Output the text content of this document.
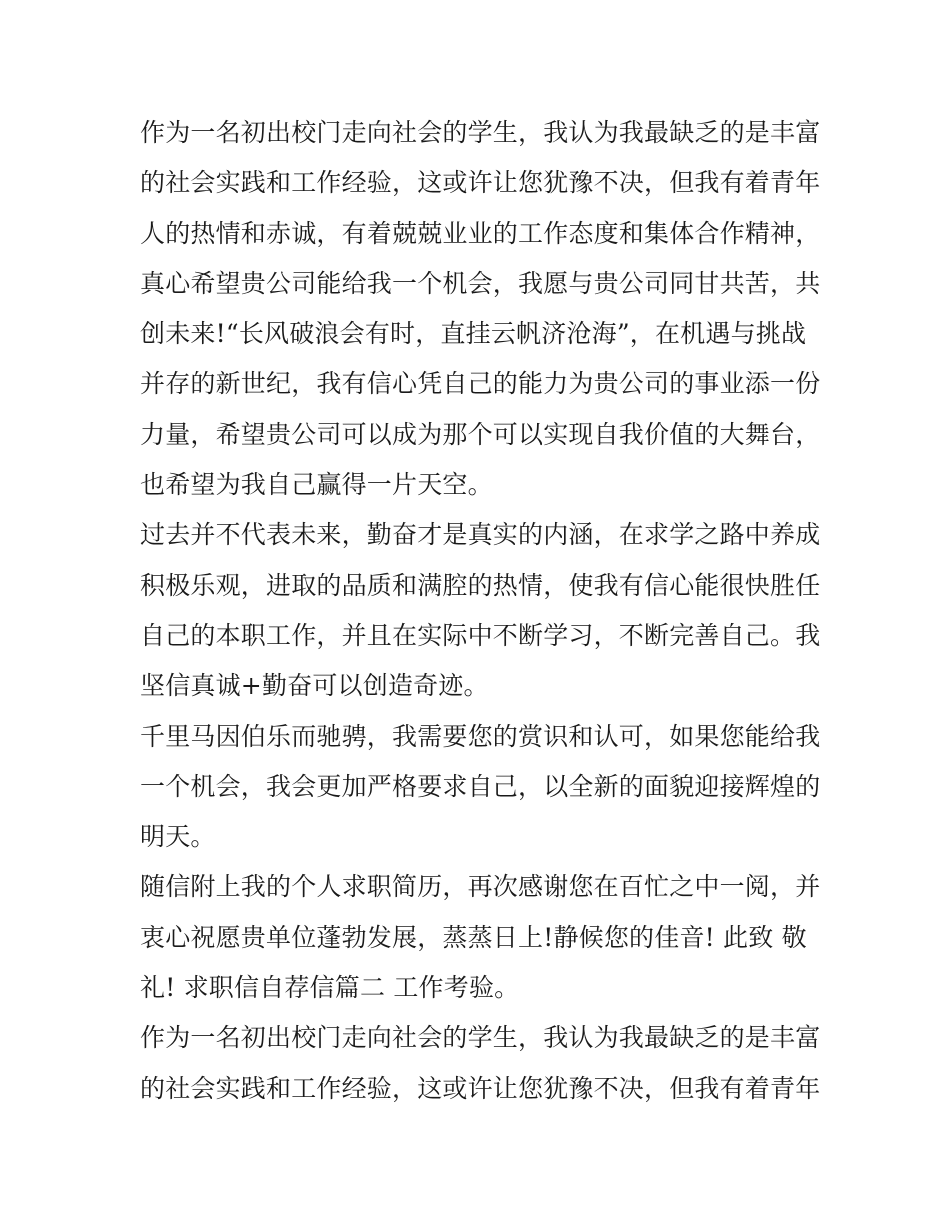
作为一名初出校门走向社会的学生，我认为我最缺乏的是丰富
的社会实践和工作经验，这或许让您犹豫不决，但我有着青年
人的热情和赤诚，有着兢兢业业的工作态度和集体合作精神，
真心希望贵公司能给我一个机会，我愿与贵公司同甘共苦，共
创未来!“长风破浪会有时，直挂云帆济沧海”，在机遇与挑战
并存的新世纪，我有信心凭自己的能力为贵公司的事业添一份
力量，希望贵公司可以成为那个可以实现自我价值的大舞台，
也希望为我自己赢得一片天空。
过去并不代表未来，勤奋才是真实的内涵，在求学之路中养成
积极乐观，进取的品质和满腔的热情，使我有信心能很快胜任
自己的本职工作，并且在实际中不断学习，不断完善自己。我
坚信真诚+勤奋可以创造奇迹。
千里马因伯乐而驰骋，我需要您的赏识和认可，如果您能给我
一个机会，我会更加严格要求自己，以全新的面貌迎接辉煌的
明天。
随信附上我的个人求职简历，再次感谢您在百忙之中一阅，并
衷心祝愿贵单位蓬勃发展，蒸蒸日上!静候您的佳音! 此致 敬
礼! 求职信自荐信篇二 工作考验。
作为一名初出校门走向社会的学生，我认为我最缺乏的是丰富
的社会实践和工作经验，这或许让您犹豫不决，但我有着青年
